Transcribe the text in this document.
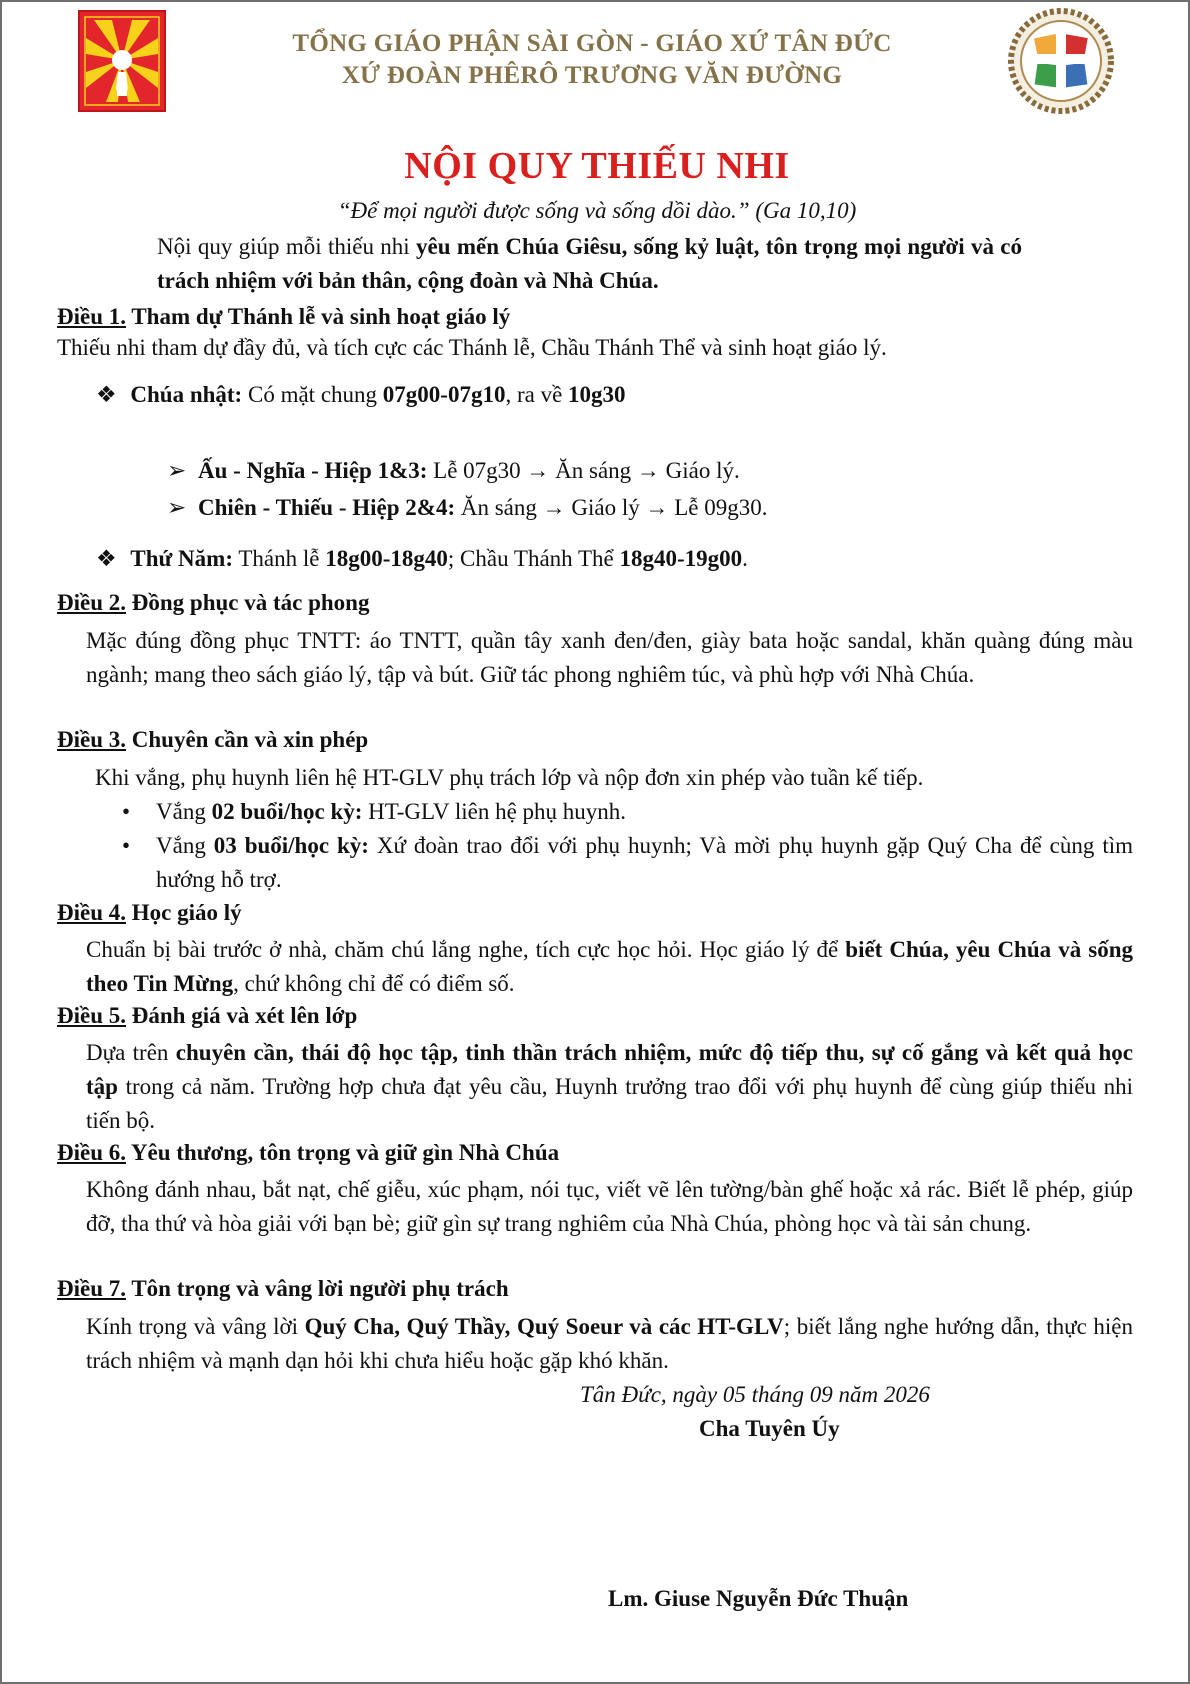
TỔNG GIÁO PHẬN SÀI GÒN - GIÁO XỨ TÂN ĐỨC
XỨ ĐOÀN PHÊRÔ TRƯƠNG VĂN ĐƯỜNG
NỘI QUY THIẾU NHI
“Để mọi người được sống và sống dồi dào.” (Ga 10,10)
Nội quy giúp mỗi thiếu nhi yêu mến Chúa Giêsu, sống kỷ luật, tôn trọng mọi người và có trách nhiệm với bản thân, cộng đoàn và Nhà Chúa.
Điều 1. Tham dự Thánh lễ và sinh hoạt giáo lý
Thiếu nhi tham dự đầy đủ, và tích cực các Thánh lễ, Chầu Thánh Thể và sinh hoạt giáo lý.
❖ Chúa nhật: Có mặt chung 07g00-07g10, ra về 10g30
➢ Ấu - Nghĩa - Hiệp 1&3: Lễ 07g30 → Ăn sáng → Giáo lý.
➢ Chiên - Thiếu - Hiệp 2&4: Ăn sáng → Giáo lý → Lễ 09g30.
❖ Thứ Năm: Thánh lễ 18g00-18g40; Chầu Thánh Thể 18g40-19g00.
Điều 2. Đồng phục và tác phong
Mặc đúng đồng phục TNTT: áo TNTT, quần tây xanh đen/đen, giày bata hoặc sandal, khăn quàng đúng màu ngành; mang theo sách giáo lý, tập và bút. Giữ tác phong nghiêm túc, và phù hợp với Nhà Chúa.
Điều 3. Chuyên cần và xin phép
Khi vắng, phụ huynh liên hệ HT-GLV phụ trách lớp và nộp đơn xin phép vào tuần kế tiếp.
• Vắng 02 buổi/học kỳ: HT-GLV liên hệ phụ huynh.
• Vắng 03 buổi/học kỳ: Xứ đoàn trao đổi với phụ huynh; Và mời phụ huynh gặp Quý Cha để cùng tìm hướng hỗ trợ.
Điều 4. Học giáo lý
Chuẩn bị bài trước ở nhà, chăm chú lắng nghe, tích cực học hỏi. Học giáo lý để biết Chúa, yêu Chúa và sống theo Tin Mừng, chứ không chỉ để có điểm số.
Điều 5. Đánh giá và xét lên lớp
Dựa trên chuyên cần, thái độ học tập, tinh thần trách nhiệm, mức độ tiếp thu, sự cố gắng và kết quả học tập trong cả năm. Trường hợp chưa đạt yêu cầu, Huynh trưởng trao đổi với phụ huynh để cùng giúp thiếu nhi tiến bộ.
Điều 6. Yêu thương, tôn trọng và giữ gìn Nhà Chúa
Không đánh nhau, bắt nạt, chế giễu, xúc phạm, nói tục, viết vẽ lên tường/bàn ghế hoặc xả rác. Biết lễ phép, giúp đỡ, tha thứ và hòa giải với bạn bè; giữ gìn sự trang nghiêm của Nhà Chúa, phòng học và tài sản chung.
Điều 7. Tôn trọng và vâng lời người phụ trách
Kính trọng và vâng lời Quý Cha, Quý Thầy, Quý Soeur và các HT-GLV; biết lắng nghe hướng dẫn, thực hiện trách nhiệm và mạnh dạn hỏi khi chưa hiểu hoặc gặp khó khăn.
Tân Đức, ngày 05 tháng 09 năm 2026
Cha Tuyên Úy
Lm. Giuse Nguyễn Đức Thuận
